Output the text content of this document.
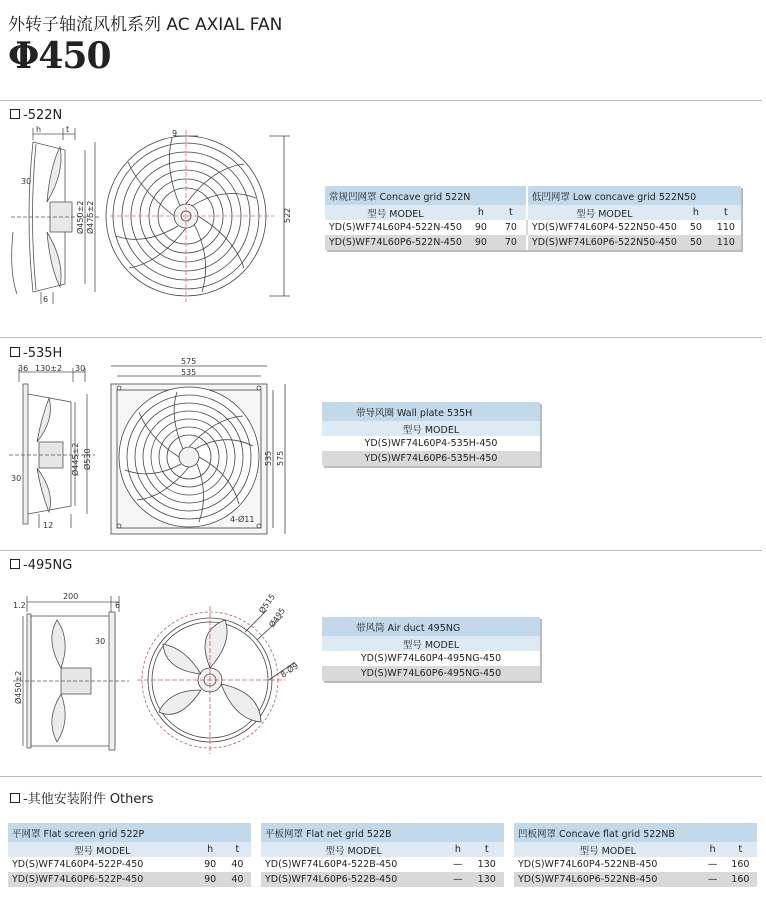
外转子轴流风机系列 AC AXIAL FAN
Φ450
-522N
h	t
30
6
Ø450±2 Ø475±2
9
522
常规凹网罩 Concave grid 522N			低凹网罩 Low concave grid 522N50		
型号 MODEL	h	t	型号 MODEL	h	t
YD(S)WF74L60P4-522N-450	90	70	YD(S)WF74L60P4-522N50-450	50	110
YD(S)WF74L60P6-522N-450	90	70	YD(S)WF74L60P6-522N50-450	50	110
-535H
36 130±2 30
30
12
Ø445±2 Ø530
575
535
535 575
4-Ø11
带导风圈 Wall plate 535H
型号 MODEL
YD(S)WF74L60P4-535H-450
YD(S)WF74L60P6-535H-450
-495NG
1.2
200
6
30
Ø450±2
Ø515
Ø495
8-Ø9
带风筒 Air duct 495NG
型号 MODEL
YD(S)WF74L60P4-495NG-450
YD(S)WF74L60P6-495NG-450
-其他安装附件 Others
平网罩 Flat screen grid 522P		
型号 MODEL	h	t
YD(S)WF74L60P4-522P-450	90	40
YD(S)WF74L60P6-522P-450	90	40
平板网罩 Flat net grid 522B		
型号 MODEL	h	t
YD(S)WF74L60P4-522B-450	—	130
YD(S)WF74L60P6-522B-450	—	130
凹板网罩 Concave flat grid 522NB		
型号 MODEL	h	t
YD(S)WF74L60P4-522NB-450	—	160
YD(S)WF74L60P6-522NB-450	—	160
